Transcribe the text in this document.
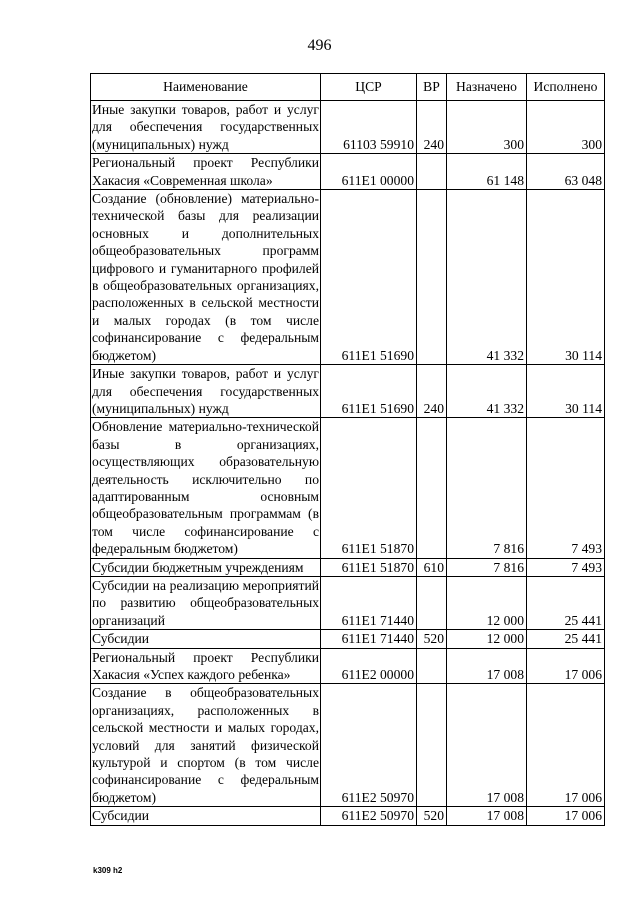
496
Наименование	ЦСР	ВР	Назначено	Исполнено
Иные закупки товаров, работ и услуг для обеспечения государственных (муниципальных) нужд	61103 59910	240	300	300
Региональный проект Республики Хакасия «Современная школа»	611E1 00000		61 148	63 048
Создание (обновление) материально-технической базы для реализации основных и дополнительных общеобразовательных программ цифрового и гуманитарного профилей в общеобразовательных организациях, расположенных в сельской местности и малых городах (в том числе софинансирование с федеральным бюджетом)	611E1 51690		41 332	30 114
Иные закупки товаров, работ и услуг для обеспечения государственных (муниципальных) нужд	611E1 51690	240	41 332	30 114
Обновление материально-технической базы в организациях, осуществляющих образовательную деятельность исключительно по адаптированным основным общеобразовательным программам (в том числе софинансирование с федеральным бюджетом)	611E1 51870		7 816	7 493
Субсидии бюджетным учреждениям	611E1 51870	610	7 816	7 493
Субсидии на реализацию мероприятий по развитию общеобразовательных организаций	611E1 71440		12 000	25 441
Субсидии	611E1 71440	520	12 000	25 441
Региональный проект Республики Хакасия «Успех каждого ребенка»	611E2 00000		17 008	17 006
Создание в общеобразовательных организациях, расположенных в сельской местности и малых городах, условий для занятий физической культурой и спортом (в том числе софинансирование с федеральным бюджетом)	611E2 50970		17 008	17 006
Субсидии	611E2 50970	520	17 008	17 006
k309 h2
